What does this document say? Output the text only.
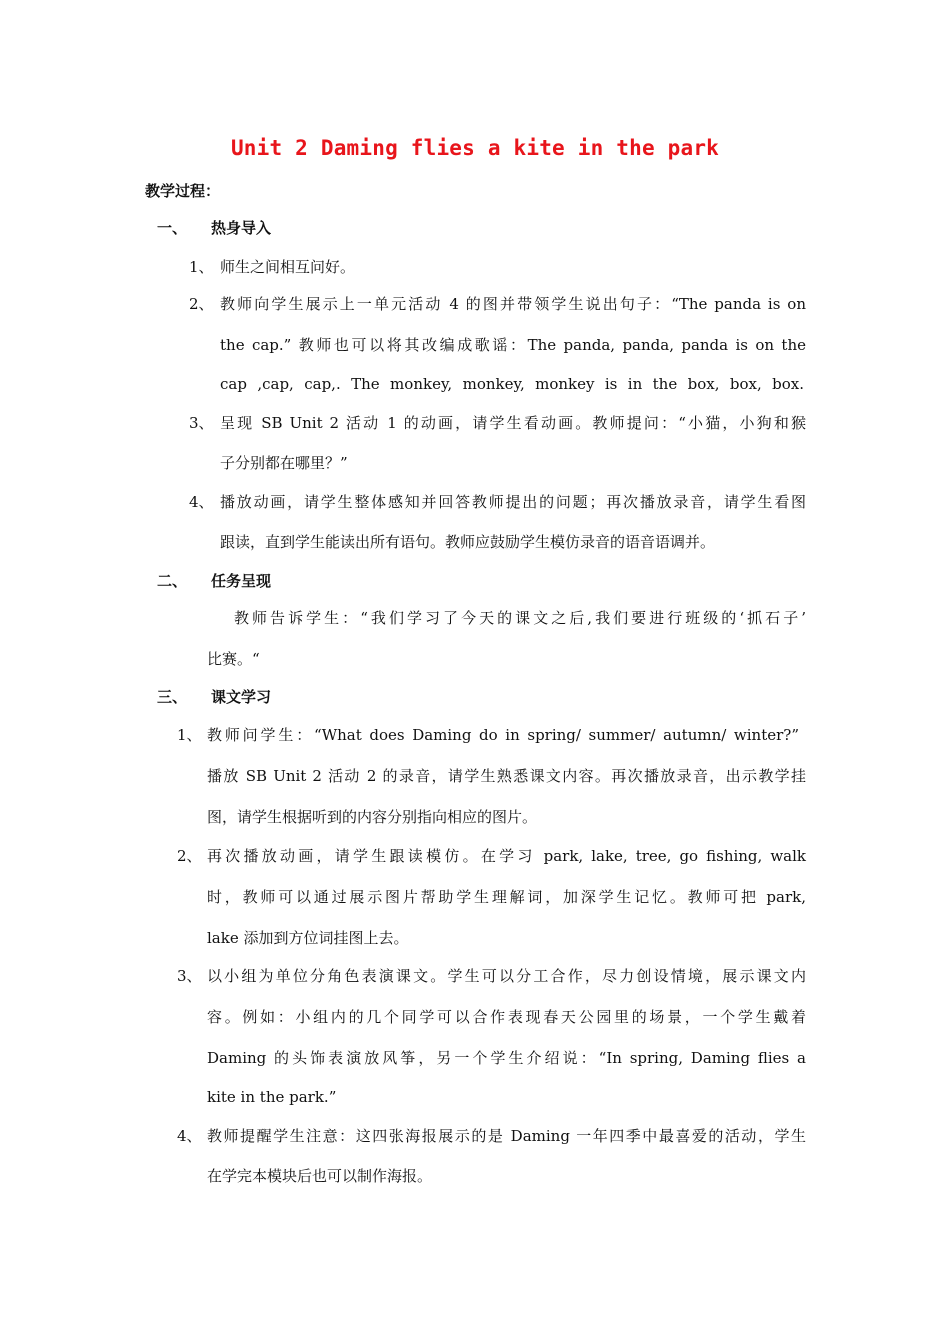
Unit 2 Daming flies a kite in the park
教学过程：
一、 热身导入
1、 师生之间相互问好。
2、 教师向学生展示上一单元活动 4 的图并带领学生说出句子：“The panda is on
the cap.” 教师也可以将其改编成歌谣：The panda, panda, panda is on the
cap ,cap, cap,. The monkey, monkey, monkey is in the box, box, box.
3、 呈现 SB Unit 2 活动 1 的动画，请学生看动画。教师提问：“小猫，小狗和猴
子分别都在哪里？”
4、 播放动画，请学生整体感知并回答教师提出的问题；再次播放录音，请学生看图
跟读，直到学生能读出所有语句。教师应鼓励学生模仿录音的语音语调并。
二、 任务呈现
教师告诉学生：“我们学习了今天的课文之后,我们要进行班级的‘抓石子’
比赛。“
三、 课文学习
1、 教师问学生：“What does Daming do in spring/ summer/ autumn/ winter?”
播放 SB Unit 2 活动 2 的录音，请学生熟悉课文内容。再次播放录音，出示教学挂
图，请学生根据听到的内容分别指向相应的图片。
2、 再次播放动画，请学生跟读模仿。在学习 park, lake, tree, go fishing, walk
时，教师可以通过展示图片帮助学生理解词，加深学生记忆。教师可把 park,
lake 添加到方位词挂图上去。
3、 以小组为单位分角色表演课文。学生可以分工合作，尽力创设情境，展示课文内
容。例如：小组内的几个同学可以合作表现春天公园里的场景，一个学生戴着
Daming 的头饰表演放风筝，另一个学生介绍说：“In spring, Daming flies a
kite in the park.”
4、 教师提醒学生注意：这四张海报展示的是 Daming 一年四季中最喜爱的活动，学生
在学完本模块后也可以制作海报。
